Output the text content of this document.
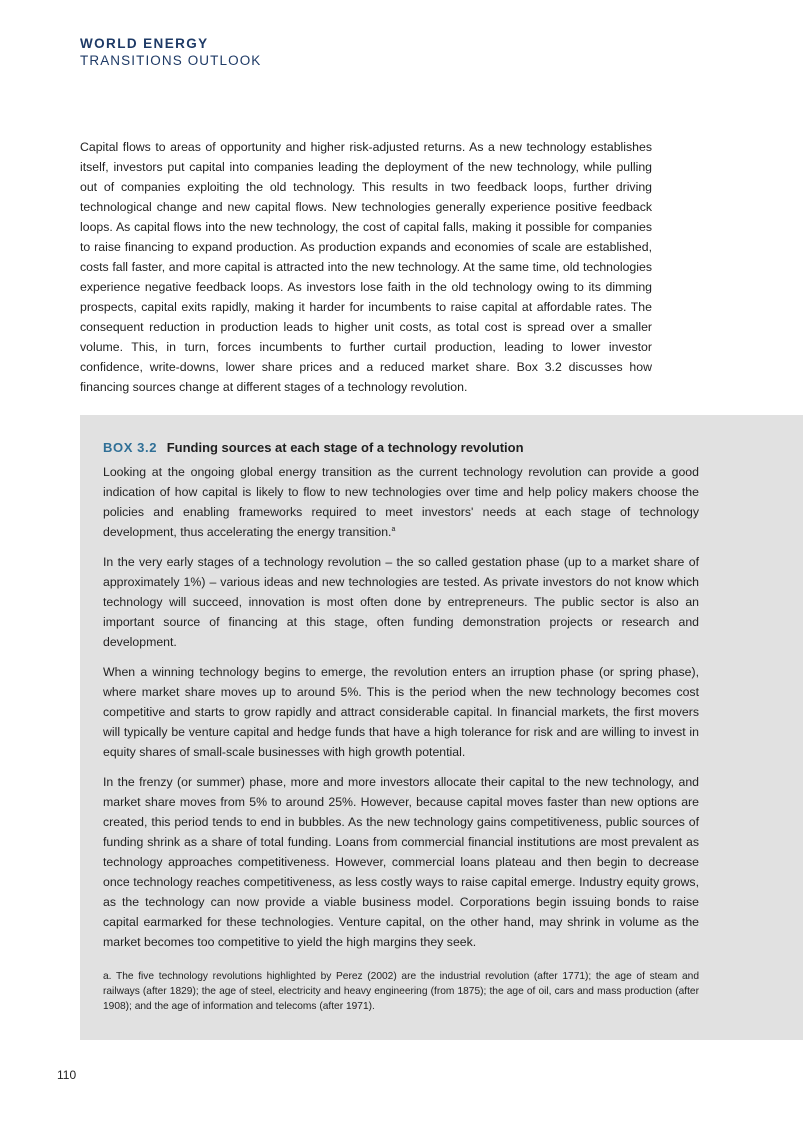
WORLD ENERGY
TRANSITIONS OUTLOOK

Capital flows to areas of opportunity and higher risk-adjusted returns. As a new technology establishes itself, investors put capital into companies leading the deployment of the new technology, while pulling out of companies exploiting the old technology. This results in two feedback loops, further driving technological change and new capital flows. New technologies generally experience positive feedback loops. As capital flows into the new technology, the cost of capital falls, making it possible for companies to raise financing to expand production. As production expands and economies of scale are established, costs fall faster, and more capital is attracted into the new technology. At the same time, old technologies experience negative feedback loops. As investors lose faith in the old technology owing to its dimming prospects, capital exits rapidly, making it harder for incumbents to raise capital at affordable rates. The consequent reduction in production leads to higher unit costs, as total cost is spread over a smaller volume. This, in turn, forces incumbents to further curtail production, leading to lower investor confidence, write-downs, lower share prices and a reduced market share. Box 3.2 discusses how financing sources change at different stages of a technology revolution.

BOX 3.2 Funding sources at each stage of a technology revolution

Looking at the ongoing global energy transition as the current technology revolution can provide a good indication of how capital is likely to flow to new technologies over time and help policy makers choose the policies and enabling frameworks required to meet investors' needs at each stage of technology development, thus accelerating the energy transition.$^a$

In the very early stages of a technology revolution – the so called gestation phase (up to a market share of approximately 1%) – various ideas and new technologies are tested. As private investors do not know which technology will succeed, innovation is most often done by entrepreneurs. The public sector is also an important source of financing at this stage, often funding demonstration projects or research and development.

When a winning technology begins to emerge, the revolution enters an irruption phase (or spring phase), where market share moves up to around 5%. This is the period when the new technology becomes cost competitive and starts to grow rapidly and attract considerable capital. In financial markets, the first movers will typically be venture capital and hedge funds that have a high tolerance for risk and are willing to invest in equity shares of small-scale businesses with high growth potential.

In the frenzy (or summer) phase, more and more investors allocate their capital to the new technology, and market share moves from 5% to around 25%. However, because capital moves faster than new options are created, this period tends to end in bubbles. As the new technology gains competitiveness, public sources of funding shrink as a share of total funding. Loans from commercial financial institutions are most prevalent as technology approaches competitiveness. However, commercial loans plateau and then begin to decrease once technology reaches competitiveness, as less costly ways to raise capital emerge. Industry equity grows, as the technology can now provide a viable business model. Corporations begin issuing bonds to raise capital earmarked for these technologies. Venture capital, on the other hand, may shrink in volume as the market becomes too competitive to yield the high margins they seek.

a. The five technology revolutions highlighted by Perez (2002) are the industrial revolution (after 1771); the age of steam and railways (after 1829); the age of steel, electricity and heavy engineering (from 1875); the age of oil, cars and mass production (after 1908); and the age of information and telecoms (after 1971).

110
